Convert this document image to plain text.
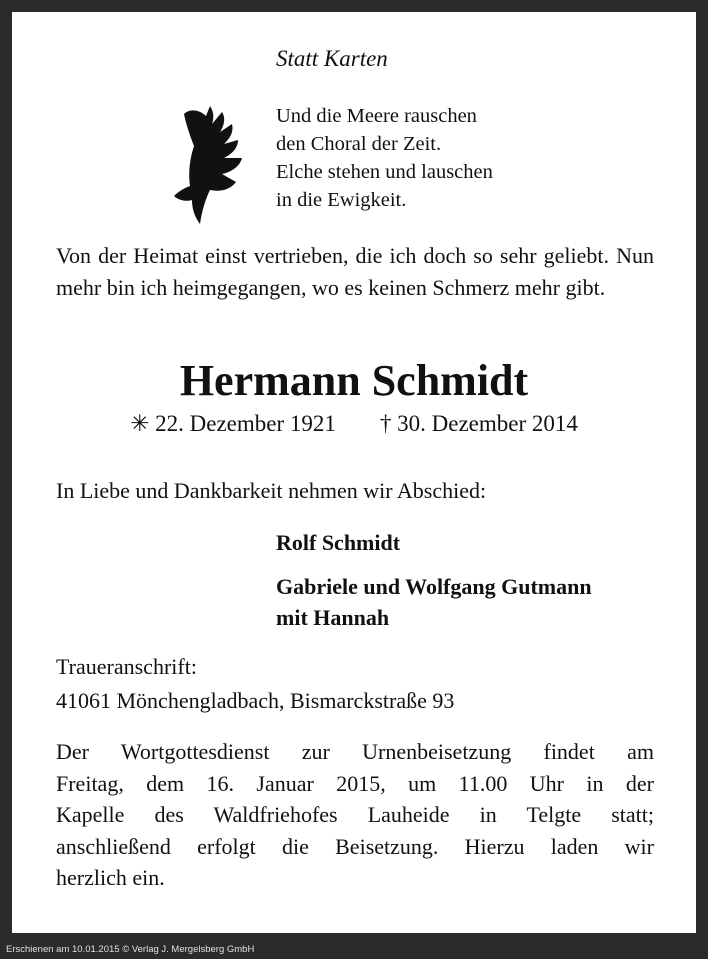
Statt Karten

Und die Meere rauschen
den Choral der Zeit.
Elche stehen und lauschen
in die Ewigkeit.

Von der Heimat einst vertrieben, die ich doch so sehr geliebt. Nun mehr bin ich heimgegangen, wo es keinen Schmerz mehr gibt.

Hermann Schmidt

✳ 22. Dezember 1921 † 30. Dezember 2014

In Liebe und Dankbarkeit nehmen wir Abschied:

Rolf Schmidt

Gabriele und Wolfgang Gutmann

mit Hannah

Traueranschrift:

41061 Mönchengladbach, Bismarckstraße 93

Der Wortgottesdienst zur Urnenbeisetzung findet am
Freitag, dem 16. Januar 2015, um 11.00 Uhr in der
Kapelle des Waldfriehofes Lauheide in Telgte statt;
anschließend erfolgt die Beisetzung. Hierzu laden wir
herzlich ein.

Erschienen am 10.01.2015 © Verlag J. Mergelsberg GmbH
